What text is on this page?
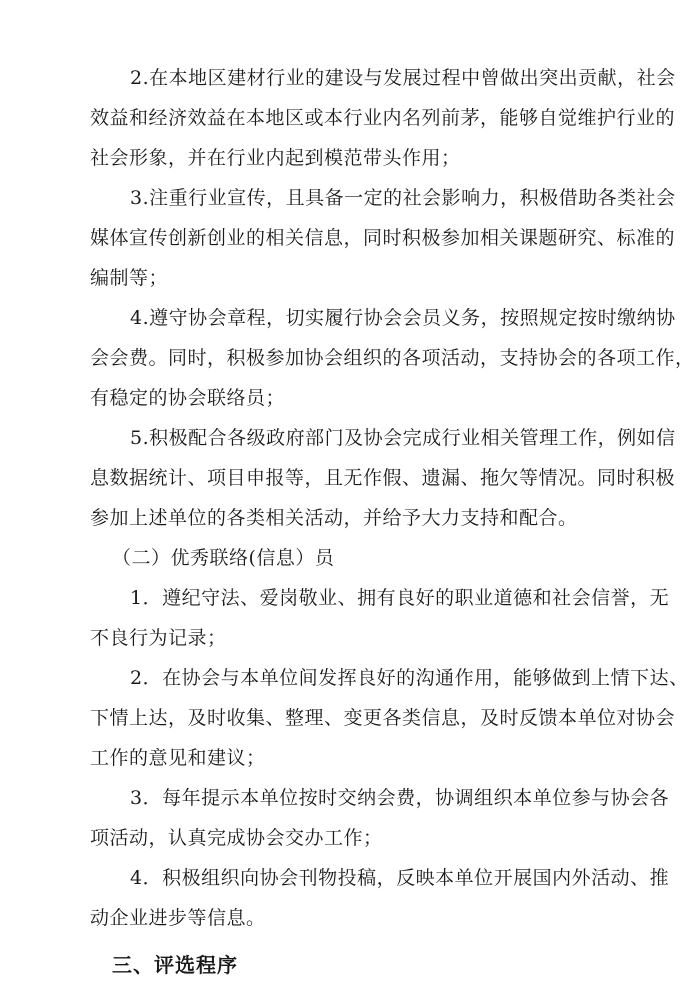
2.在本地区建材行业的建设与发展过程中曾做出突出贡献，社会
效益和经济效益在本地区或本行业内名列前茅，能够自觉维护行业的
社会形象，并在行业内起到模范带头作用；
3.注重行业宣传，且具备一定的社会影响力，积极借助各类社会
媒体宣传创新创业的相关信息，同时积极参加相关课题研究、标准的
编制等；
4.遵守协会章程，切实履行协会会员义务，按照规定按时缴纳协
会会费。同时，积极参加协会组织的各项活动，支持协会的各项工作，
有稳定的协会联络员；
5.积极配合各级政府部门及协会完成行业相关管理工作，例如信
息数据统计、项目申报等，且无作假、遗漏、拖欠等情况。同时积极
参加上述单位的各类相关活动，并给予大力支持和配合。
（二）优秀联络(信息）员
1．遵纪守法、爱岗敬业、拥有良好的职业道德和社会信誉，无
不良行为记录；
2．在协会与本单位间发挥良好的沟通作用，能够做到上情下达、
下情上达，及时收集、整理、变更各类信息，及时反馈本单位对协会
工作的意见和建议；
3．每年提示本单位按时交纳会费，协调组织本单位参与协会各
项活动，认真完成协会交办工作；
4．积极组织向协会刊物投稿，反映本单位开展国内外活动、推
动企业进步等信息。
三、评选程序
